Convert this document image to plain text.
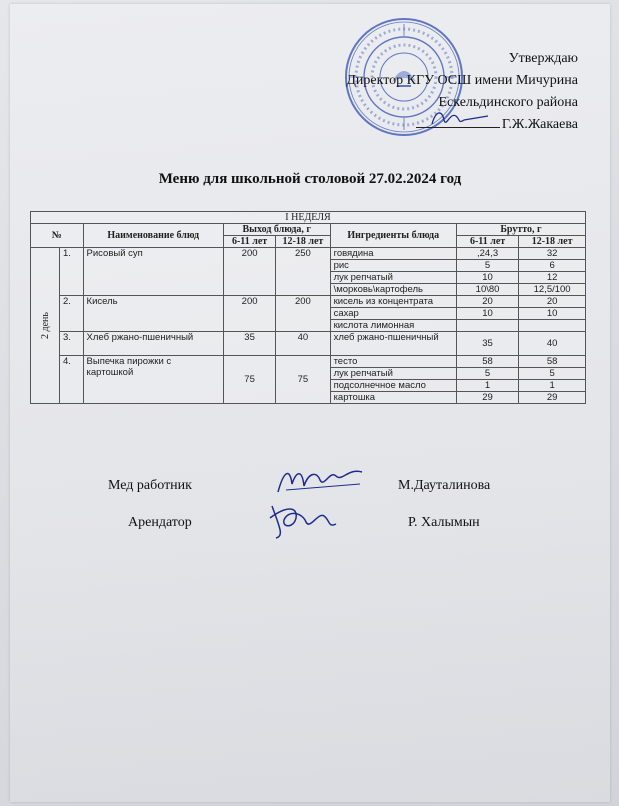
Утверждаю
Директор КГУ ОСШ имени Мичурина
Ескельдинского района
Г.Ж.Жакаева
Меню для школьной столовой 27.02.2024 год
I НЕДЕЛЯ							
№		Наименование блюд	Выход блюда, г		Ингредиенты блюда	Брутто, г	
			6-11 лет	12-18 лет		6-11 лет	12-18 лет
2 день	1.	Рисовый суп	200	250	говядина	,24,3	32
					рис	5	6
					лук репчатый	10	12
					\морковь\картофель	10\80	12,5/100
	2.	Кисель	200	200	кисель из концентрата	20	20
					сахар	10	10
					кислота лимонная		
	3.	Хлеб ржано-пшеничный	35	40	хлеб ржано-пшеничный	35	40
	4.	Выпечка пирожки с картошкой	75	75	тесто	58	58
					лук репчатый	5	5
					подсолнечное масло	1	1
					картошка	29	29
Мед работник	М.Дауталинова
Арендатор	Р. Халымын
